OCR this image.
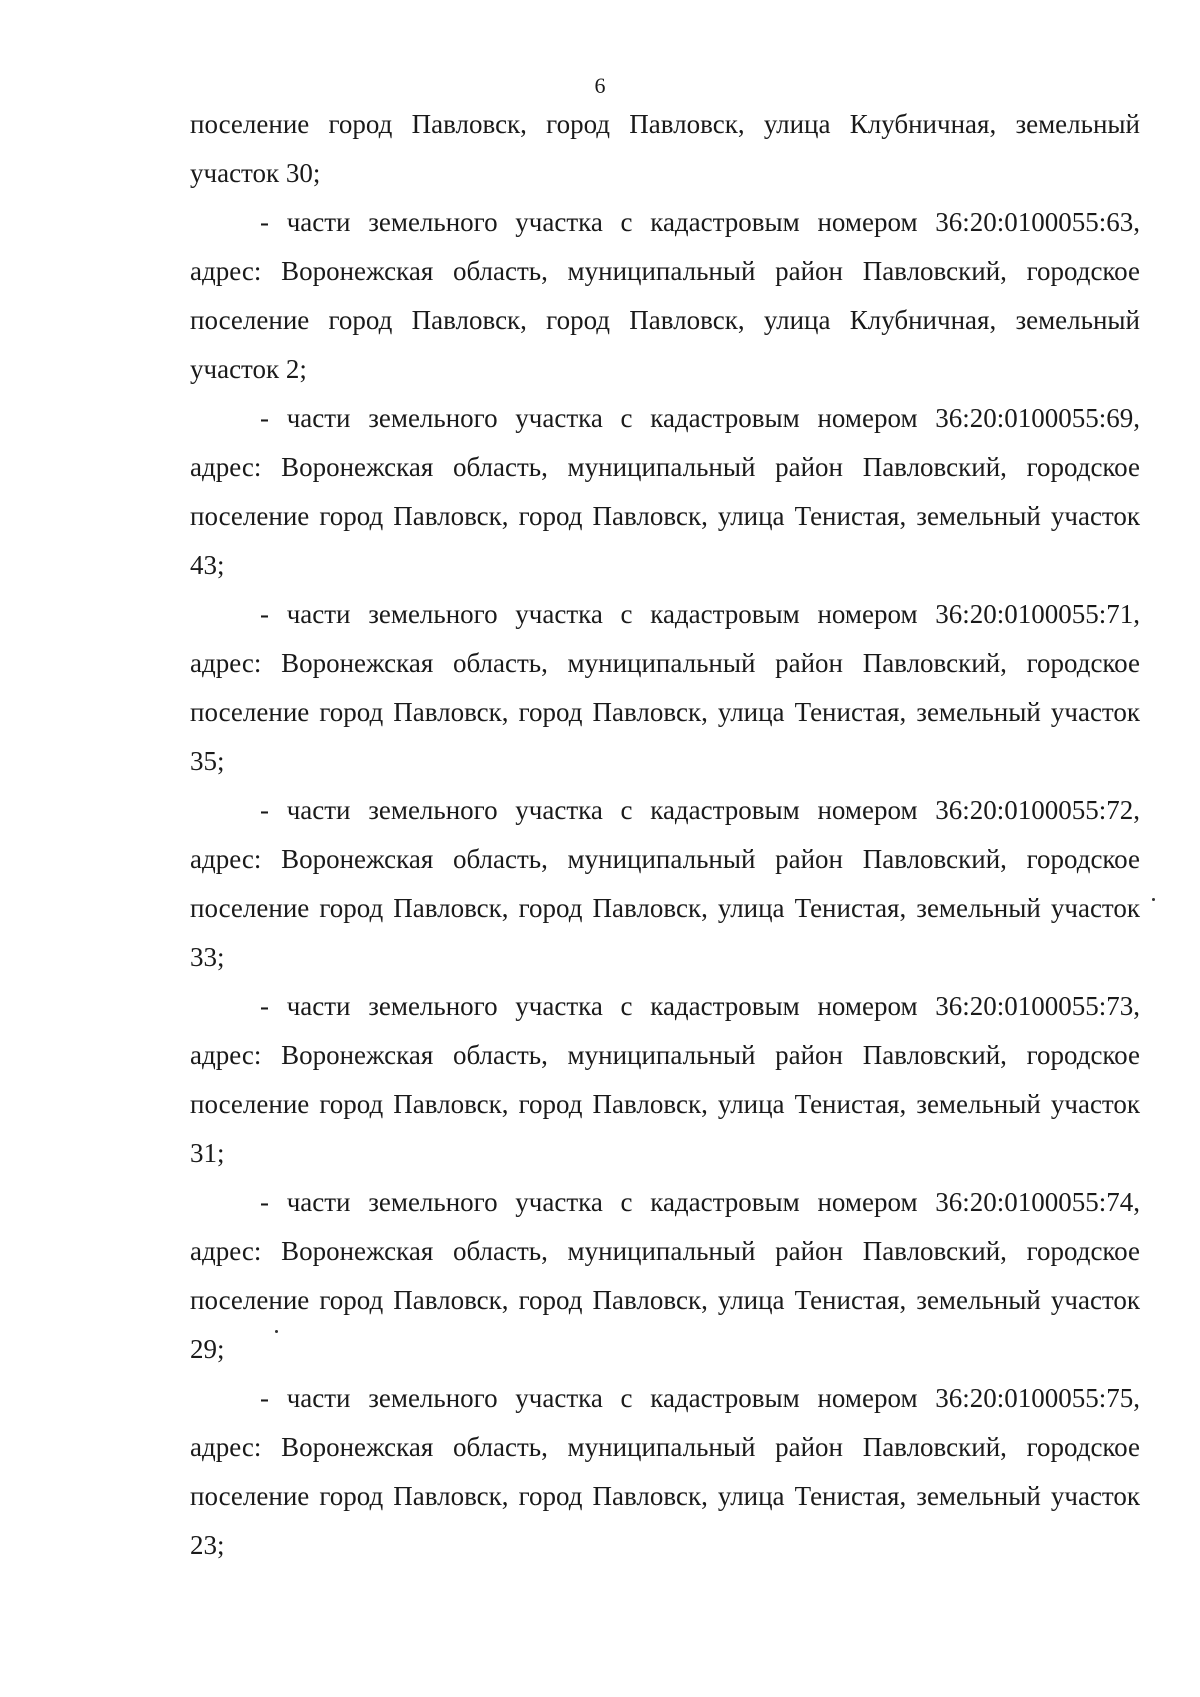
6

поселение город Павловск, город Павловск, улица Клубничная, земельный участок 30;

- части земельного участка с кадастровым номером 36:20:0100055:63, адрес: Воронежская область, муниципальный район Павловский, городское поселение город Павловск, город Павловск, улица Клубничная, земельный участок 2;

- части земельного участка с кадастровым номером 36:20:0100055:69, адрес: Воронежская область, муниципальный район Павловский, городское поселение город Павловск, город Павловск, улица Тенистая, земельный участок 43;

- части земельного участка с кадастровым номером 36:20:0100055:71, адрес: Воронежская область, муниципальный район Павловский, городское поселение город Павловск, город Павловск, улица Тенистая, земельный участок 35;

- части земельного участка с кадастровым номером 36:20:0100055:72, адрес: Воронежская область, муниципальный район Павловский, городское поселение город Павловск, город Павловск, улица Тенистая, земельный участок 33;

- части земельного участка с кадастровым номером 36:20:0100055:73, адрес: Воронежская область, муниципальный район Павловский, городское поселение город Павловск, город Павловск, улица Тенистая, земельный участок 31;

- части земельного участка с кадастровым номером 36:20:0100055:74, адрес: Воронежская область, муниципальный район Павловский, городское поселение город Павловск, город Павловск, улица Тенистая, земельный участок 29;

- части земельного участка с кадастровым номером 36:20:0100055:75, адрес: Воронежская область, муниципальный район Павловский, городское поселение город Павловск, город Павловск, улица Тенистая, земельный участок 23;
